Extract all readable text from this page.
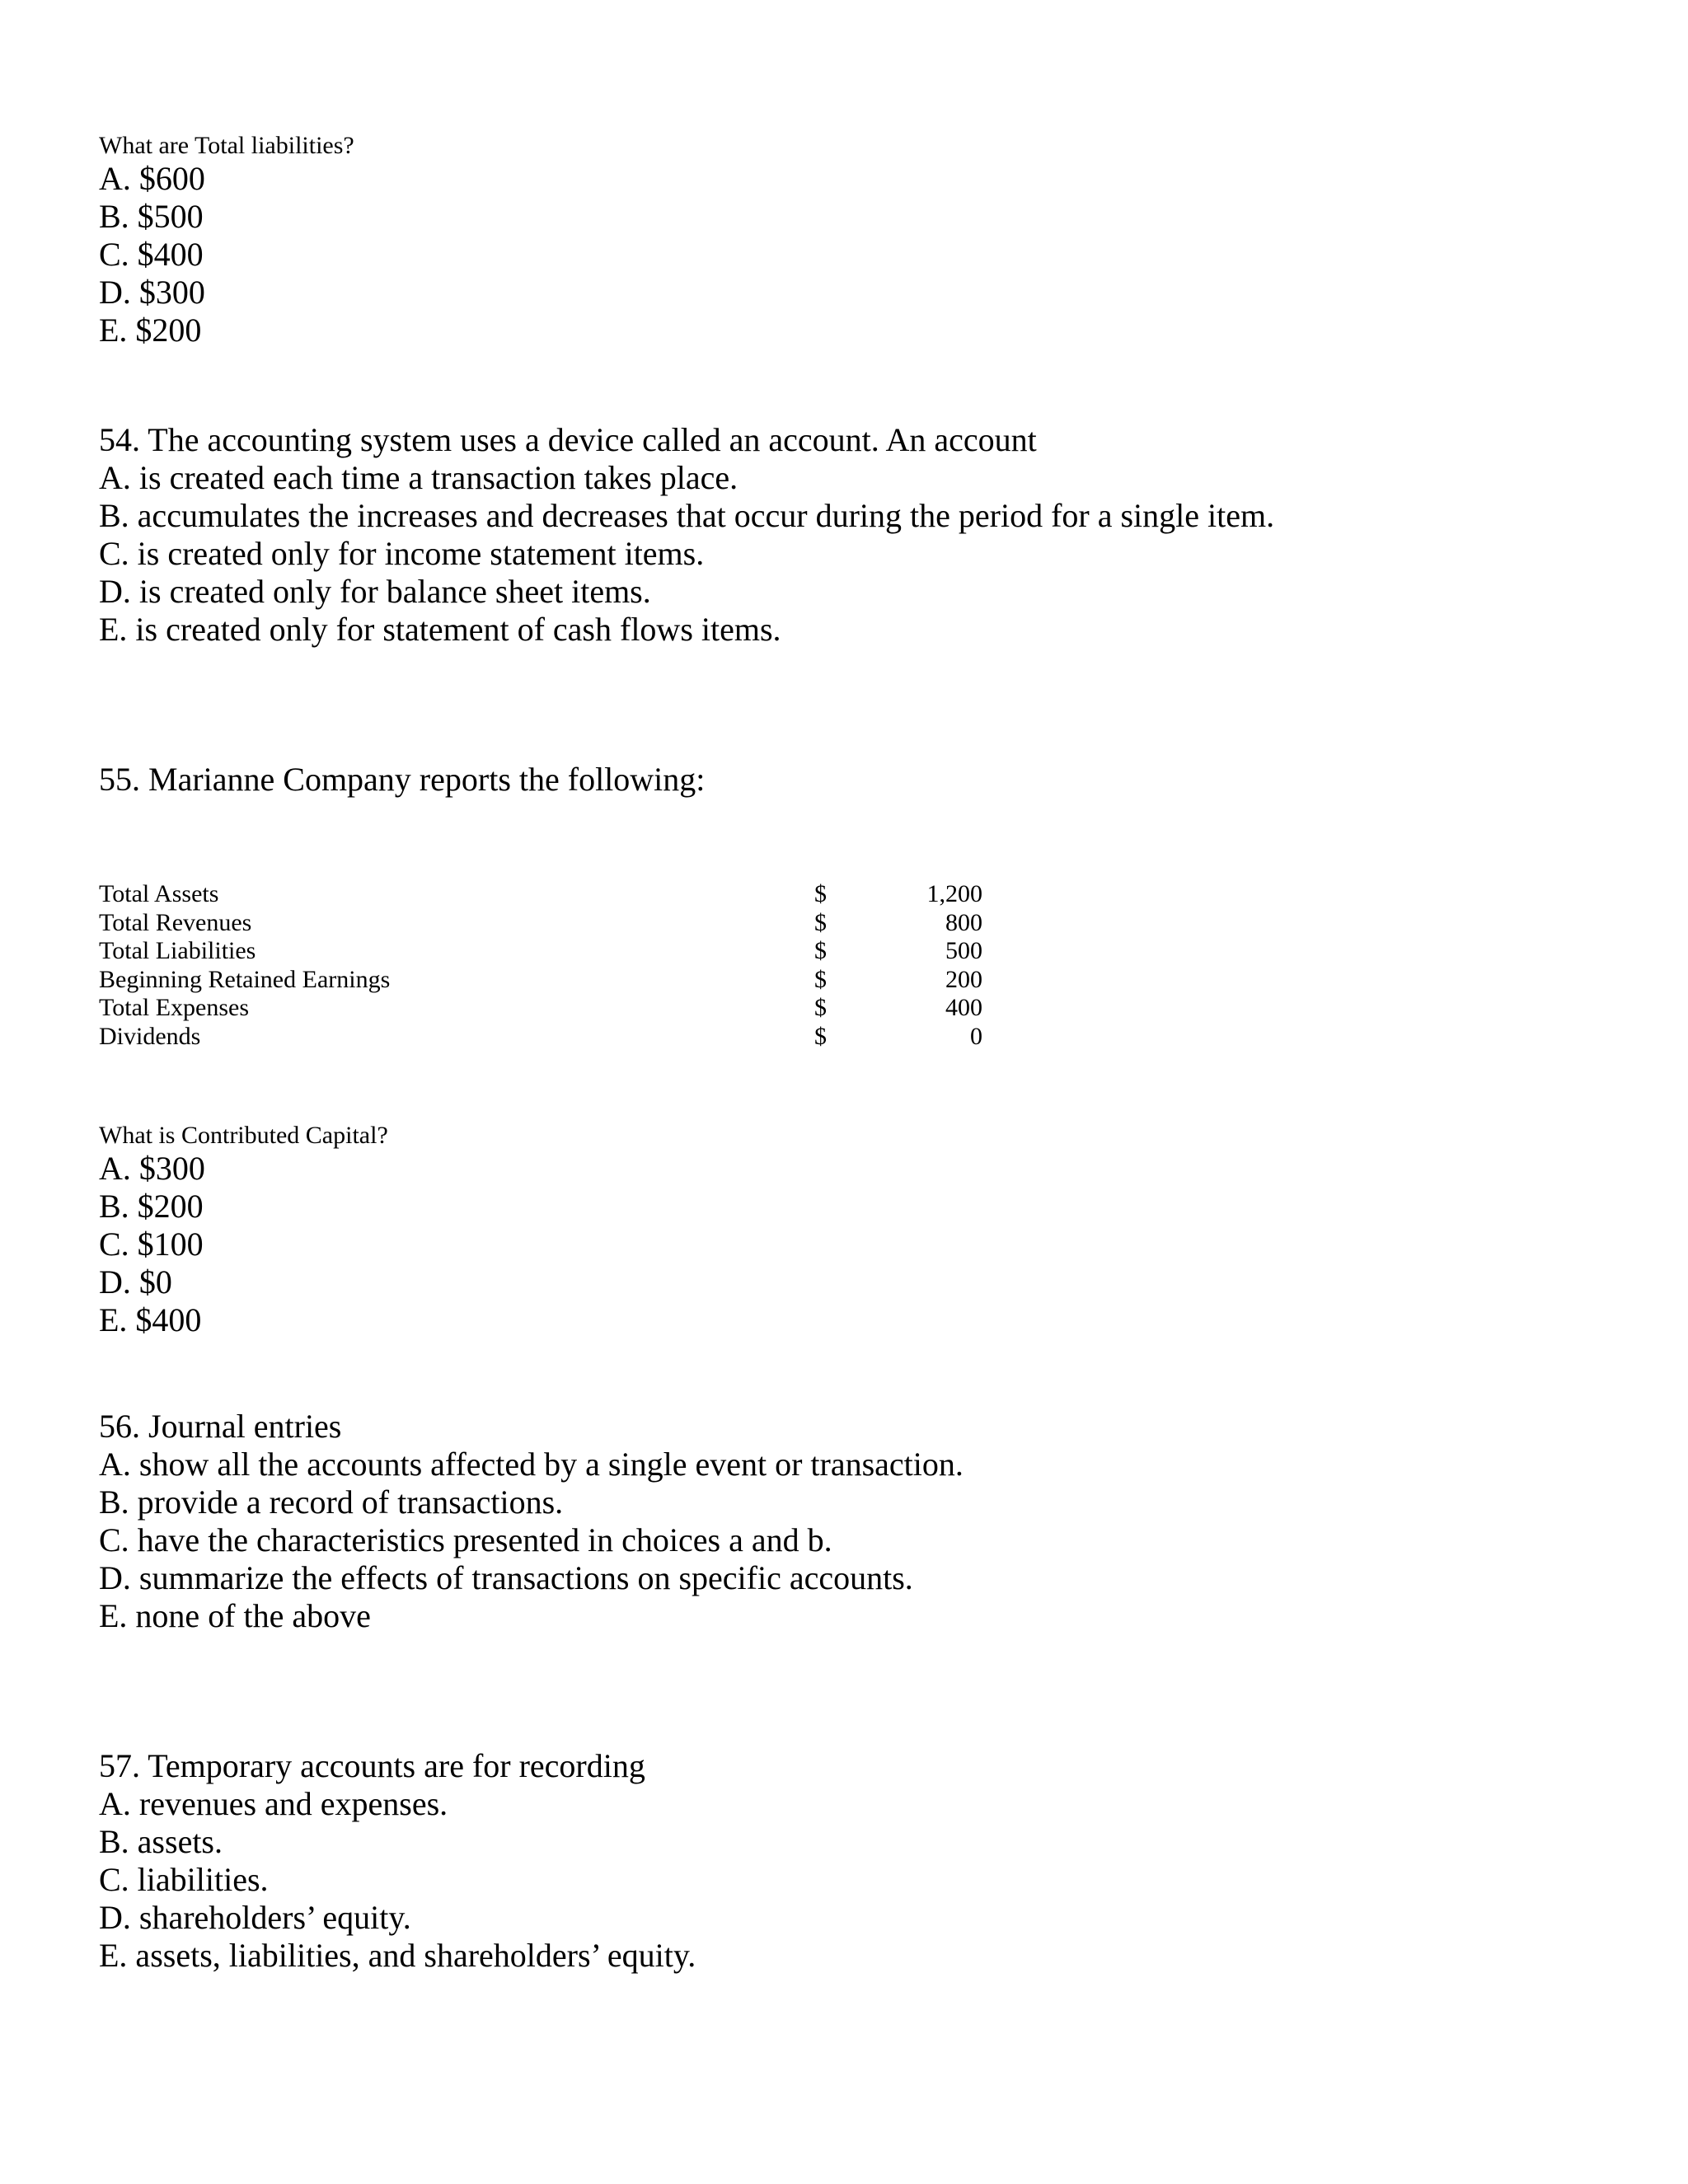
What are Total liabilities?
A. $600
B. $500
C. $400
D. $300
E. $200
54. The accounting system uses a device called an account. An account
A. is created each time a transaction takes place.
B. accumulates the increases and decreases that occur during the period for a single item.
C. is created only for income statement items.
D. is created only for balance sheet items.
E. is created only for statement of cash flows items.
55. Marianne Company reports the following:
Total Assets	$	1,200
Total Revenues	$	800
Total Liabilities	$	500
Beginning Retained Earnings	$	200
Total Expenses	$	400
Dividends	$	0
What is Contributed Capital?
A. $300
B. $200
C. $100
D. $0
E. $400
56. Journal entries
A. show all the accounts affected by a single event or transaction.
B. provide a record of transactions.
C. have the characteristics presented in choices a and b.
D. summarize the effects of transactions on specific accounts.
E. none of the above
57. Temporary accounts are for recording
A. revenues and expenses.
B. assets.
C. liabilities.
D. shareholders’ equity.
E. assets, liabilities, and shareholders’ equity.
